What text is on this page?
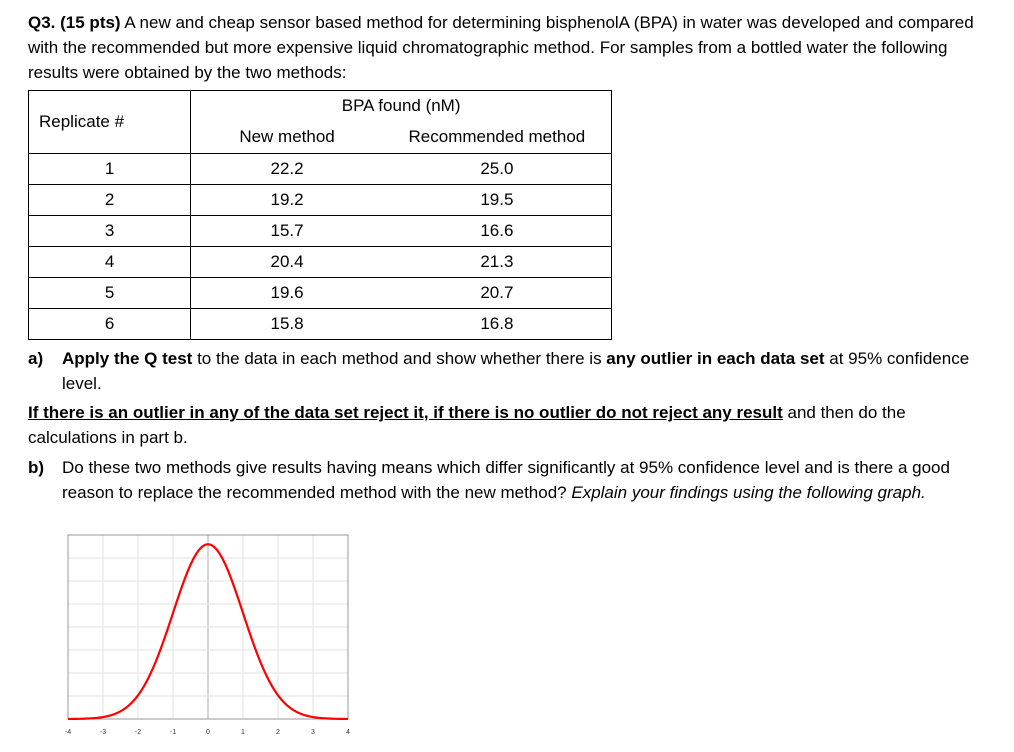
Q3. (15 pts) A new and cheap sensor based method for determining bisphenolA (BPA) in water was developed and compared with the recommended but more expensive liquid chromatographic method. For samples from a bottled water the following results were obtained by the two methods:
Replicate #	BPA found (nM)	
	New method	Recommended method
1	22.2	25.0
2	19.2	19.5
3	15.7	16.6
4	20.4	21.3
5	19.6	20.7
6	15.8	16.8
a) Apply the Q test to the data in each method and show whether there is any outlier in each data set at 95% confidence level.
If there is an outlier in any of the data set reject it, if there is no outlier do not reject any result and then do the calculations in part b.
b) Do these two methods give results having means which differ significantly at 95% confidence level and is there a good reason to replace the recommended method with the new method? Explain your findings using the following graph.
-4	-3	-2	-1	0	1	2	3	4
